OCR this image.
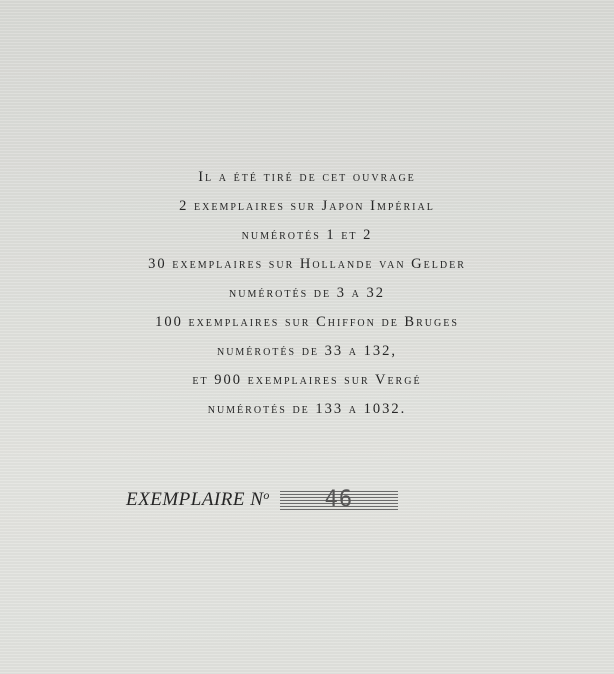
Il a été tiré de cet ouvrage
2 exemplaires sur Japon Impérial
numérotés 1 et 2
30 exemplaires sur Hollande van Gelder
numérotés de 3 a 32
100 exemplaires sur Chiffon de Bruges
numérotés de 33 a 132,
et 900 exemplaires sur Vergé
numérotés de 133 a 1032.
EXEMPLAIRE $N^o$	46
